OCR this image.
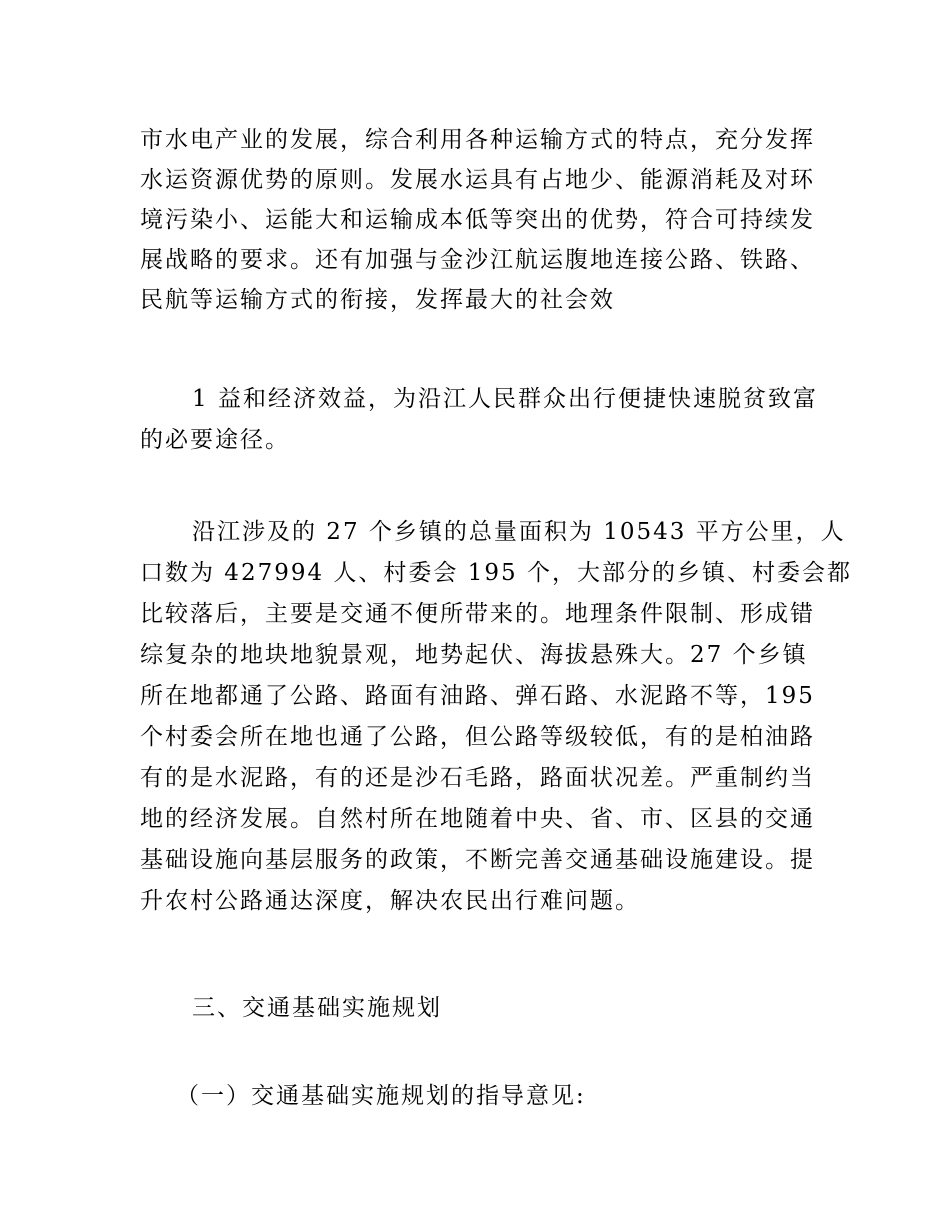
市水电产业的发展，综合利用各种运输方式的特点，充分发挥
水运资源优势的原则。发展水运具有占地少、能源消耗及对环
境污染小、运能大和运输成本低等突出的优势，符合可持续发
展战略的要求。还有加强与金沙江航运腹地连接公路、铁路、
民航等运输方式的衔接，发挥最大的社会效
1 益和经济效益，为沿江人民群众出行便捷快速脱贫致富
的必要途径。
沿江涉及的 27 个乡镇的总量面积为 10543 平方公里，人
口数为 427994 人、村委会 195 个，大部分的乡镇、村委会都
比较落后，主要是交通不便所带来的。地理条件限制、形成错
综复杂的地块地貌景观，地势起伏、海拔悬殊大。27 个乡镇
所在地都通了公路、路面有油路、弹石路、水泥路不等，195
个村委会所在地也通了公路，但公路等级较低，有的是柏油路
有的是水泥路，有的还是沙石毛路，路面状况差。严重制约当
地的经济发展。自然村所在地随着中央、省、市、区县的交通
基础设施向基层服务的政策，不断完善交通基础设施建设。提
升农村公路通达深度，解决农民出行难问题。
三、交通基础实施规划
（一）交通基础实施规划的指导意见:
